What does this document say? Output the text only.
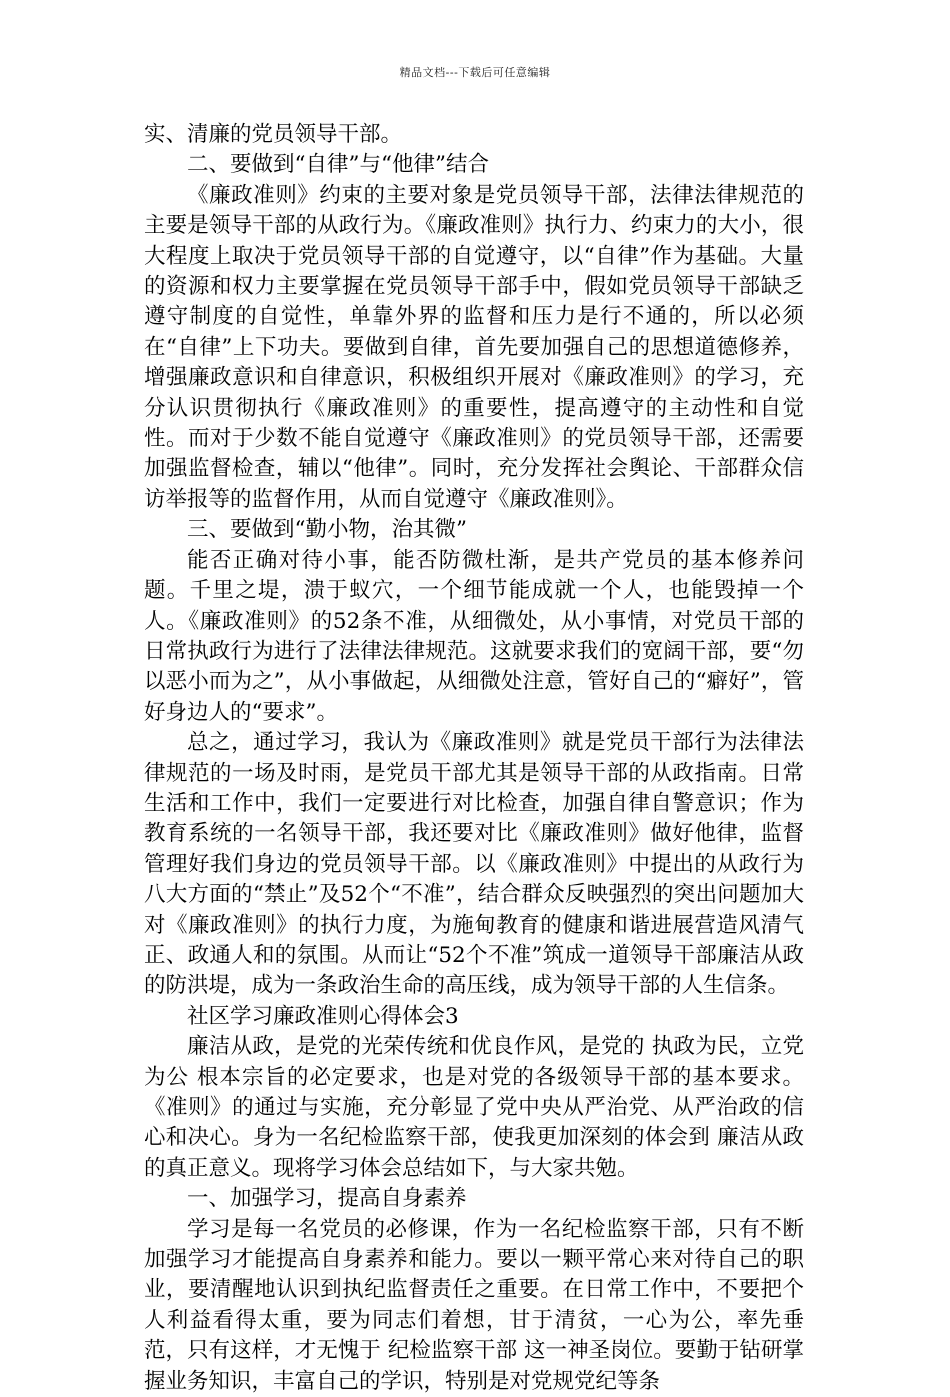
精品文档---下载后可任意编辑

实、清廉的党员领导干部。

二、要做到“自律”与“他律”结合

《廉政准则》约束的主要对象是党员领导干部，法律法律规范的主要是领导干部的从政行为。《廉政准则》执行力、约束力的大小，很大程度上取决于党员领导干部的自觉遵守，以“自律”作为基础。大量的资源和权力主要掌握在党员领导干部手中，假如党员领导干部缺乏遵守制度的自觉性，单靠外界的监督和压力是行不通的，所以必须在“自律”上下功夫。要做到自律，首先要加强自己的思想道德修养，增强廉政意识和自律意识，积极组织开展对《廉政准则》的学习，充分认识贯彻执行《廉政准则》的重要性，提高遵守的主动性和自觉性。而对于少数不能自觉遵守《廉政准则》的党员领导干部，还需要加强监督检查，辅以“他律”。同时，充分发挥社会舆论、干部群众信访举报等的监督作用，从而自觉遵守《廉政准则》。

三、要做到“勤小物，治其微”

能否正确对待小事，能否防微杜渐，是共产党员的基本修养问题。千里之堤，溃于蚁穴，一个细节能成就一个人，也能毁掉一个人。《廉政准则》的52条不准，从细微处，从小事情，对党员干部的日常执政行为进行了法律法律规范。这就要求我们的宽阔干部，要“勿以恶小而为之”，从小事做起，从细微处注意，管好自己的“癖好”，管好身边人的“要求”。

总之，通过学习，我认为《廉政准则》就是党员干部行为法律法律规范的一场及时雨，是党员干部尤其是领导干部的从政指南。日常生活和工作中，我们一定要进行对比检查，加强自律自警意识；作为教育系统的一名领导干部，我还要对比《廉政准则》做好他律，监督管理好我们身边的党员领导干部。以《廉政准则》中提出的从政行为八大方面的“禁止”及52个“不准”，结合群众反映强烈的突出问题加大对《廉政准则》的执行力度，为施甸教育的健康和谐进展营造风清气正、政通人和的氛围。从而让“52个不准”筑成一道领导干部廉洁从政的防洪堤，成为一条政治生命的高压线，成为领导干部的人生信条。

社区学习廉政准则心得体会3

廉洁从政，是党的光荣传统和优良作风，是党的 执政为民，立党为公 根本宗旨的必定要求，也是对党的各级领导干部的基本要求。《准则》的通过与实施，充分彰显了党中央从严治党、从严治政的信心和决心。身为一名纪检监察干部，使我更加深刻的体会到 廉洁从政 的真正意义。现将学习体会总结如下，与大家共勉。

一、加强学习，提高自身素养

学习是每一名党员的必修课，作为一名纪检监察干部，只有不断加强学习才能提高自身素养和能力。要以一颗平常心来对待自己的职业，要清醒地认识到执纪监督责任之重要。在日常工作中，不要把个人利益看得太重，要为同志们着想，甘于清贫，一心为公，率先垂范，只有这样，才无愧于 纪检监察干部 这一神圣岗位。要勤于钻研掌握业务知识，丰富自己的学识，特别是对党规党纪等条
